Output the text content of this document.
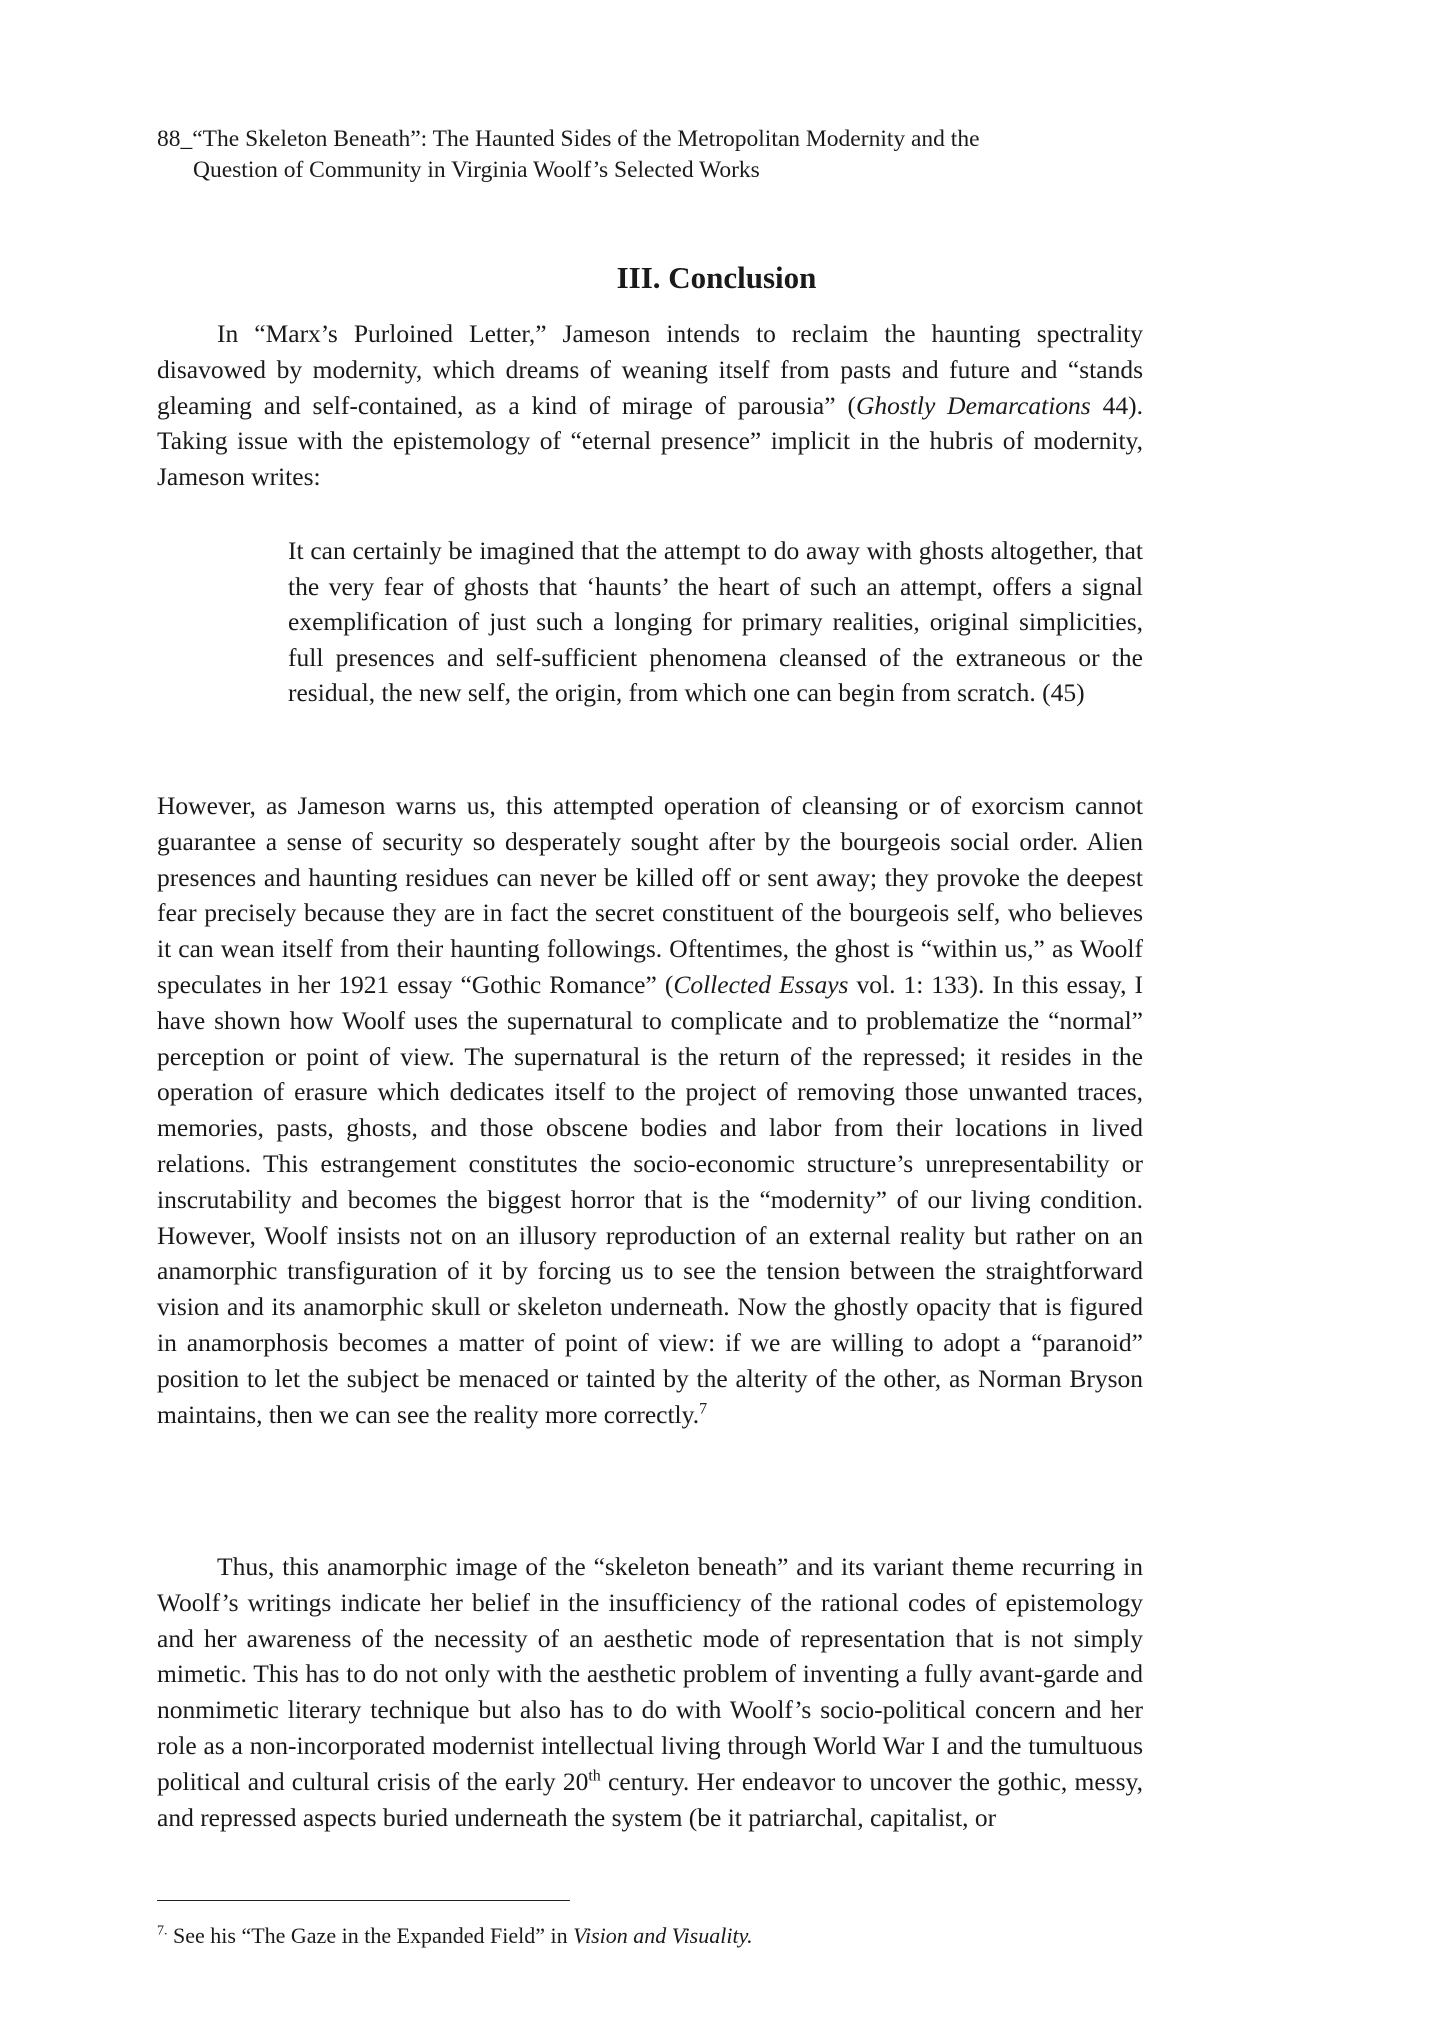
88_“The Skeleton Beneath”: The Haunted Sides of the Metropolitan Modernity and the
Question of Community in Virginia Woolf’s Selected Works
III. Conclusion

In “Marx’s Purloined Letter,” Jameson intends to reclaim the haunting spectrality disavowed by modernity, which dreams of weaning itself from pasts and future and “stands gleaming and self-contained, as a kind of mirage of parousia” (Ghostly Demarcations 44). Taking issue with the epistemology of “eternal presence” implicit in the hubris of modernity, Jameson writes:

It can certainly be imagined that the attempt to do away with ghosts altogether, that the very fear of ghosts that ‘haunts’ the heart of such an attempt, offers a signal exemplification of just such a longing for primary realities, original simplicities, full presences and self-sufficient phenomena cleansed of the extraneous or the residual, the new self, the origin, from which one can begin from scratch. (45)

However, as Jameson warns us, this attempted operation of cleansing or of exorcism cannot guarantee a sense of security so desperately sought after by the bourgeois social order. Alien presences and haunting residues can never be killed off or sent away; they provoke the deepest fear precisely because they are in fact the secret constituent of the bourgeois self, who believes it can wean itself from their haunting followings. Oftentimes, the ghost is “within us,” as Woolf speculates in her 1921 essay “Gothic Romance” (Collected Essays vol. 1: 133). In this essay, I have shown how Woolf uses the supernatural to complicate and to problematize the “normal” perception or point of view. The supernatural is the return of the repressed; it resides in the operation of erasure which dedicates itself to the project of removing those unwanted traces, memories, pasts, ghosts, and those obscene bodies and labor from their locations in lived relations. This estrangement constitutes the socio-economic structure’s unrepresentability or inscrutability and becomes the biggest horror that is the “modernity” of our living condition. However, Woolf insists not on an illusory reproduction of an external reality but rather on an anamorphic transfiguration of it by forcing us to see the tension between the straightforward vision and its anamorphic skull or skeleton underneath. Now the ghostly opacity that is figured in anamorphosis becomes a matter of point of view: if we are willing to adopt a “paranoid” position to let the subject be menaced or tainted by the alterity of the other, as Norman Bryson maintains, then we can see the reality more correctly.$^7$

Thus, this anamorphic image of the “skeleton beneath” and its variant theme recurring in Woolf’s writings indicate her belief in the insufficiency of the rational codes of epistemology and her awareness of the necessity of an aesthetic mode of representation that is not simply mimetic. This has to do not only with the aesthetic problem of inventing a fully avant-garde and nonmimetic literary technique but also has to do with Woolf’s socio-political concern and her role as a non-incorporated modernist intellectual living through World War I and the tumultuous political and cultural crisis of the early 20th century. Her endeavor to uncover the gothic, messy, and repressed aspects buried underneath the system (be it patriarchal, capitalist, or

$^{7.}$ See his “The Gaze in the Expanded Field” in Vision and Visuality.
